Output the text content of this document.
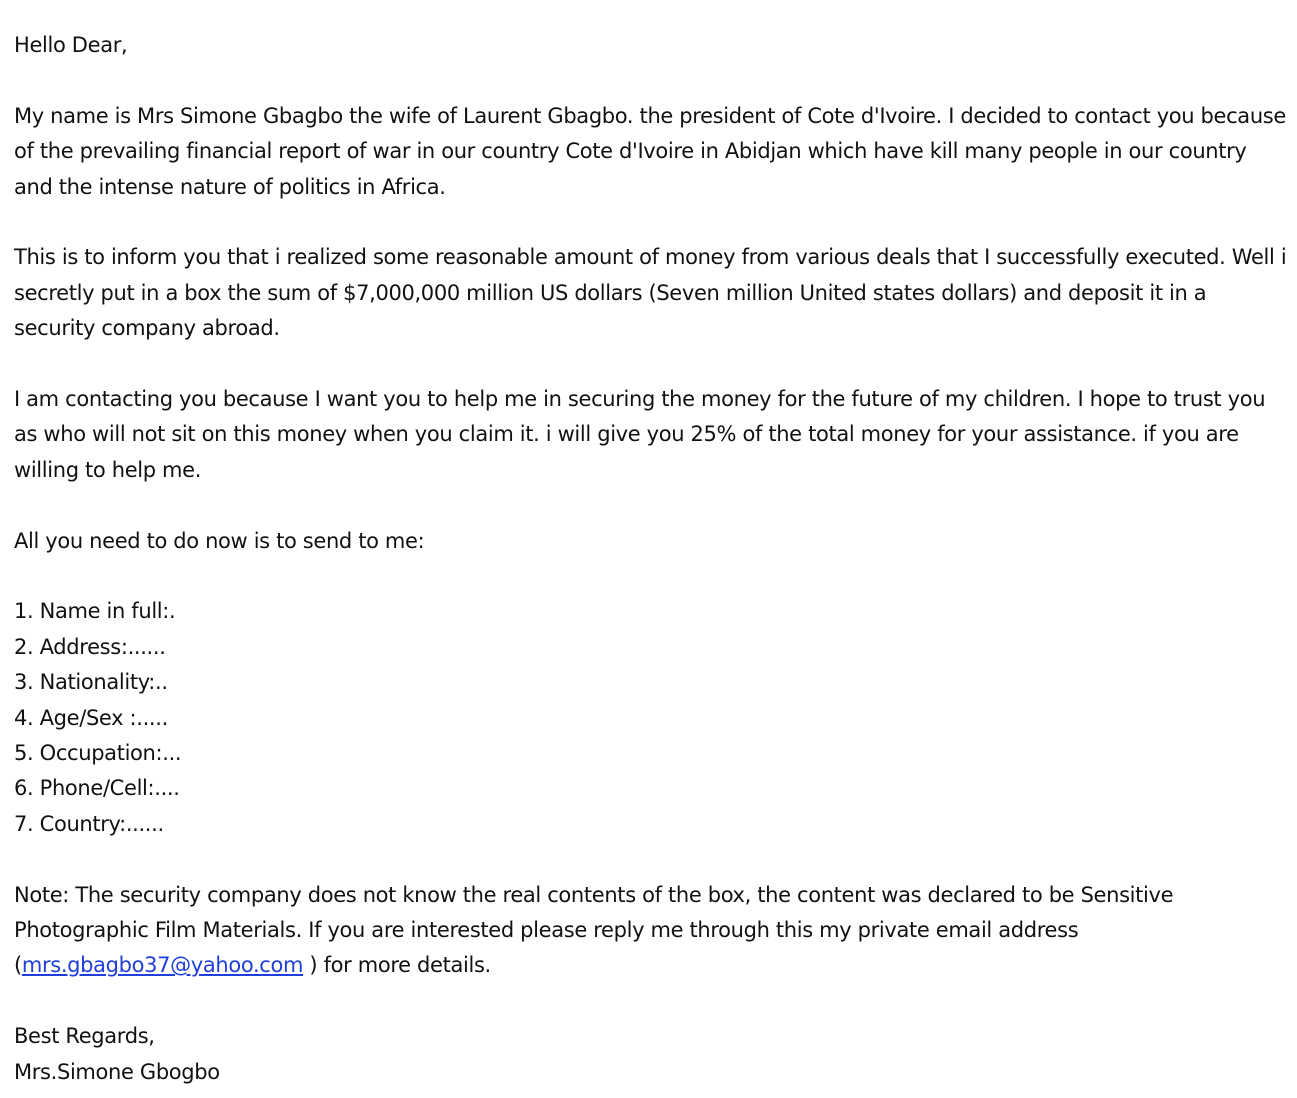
Hello Dear,

My name is Mrs Simone Gbagbo the wife of Laurent Gbagbo. the president of Cote d'Ivoire. I decided to contact you because of the prevailing financial report of war in our country Cote d'Ivoire in Abidjan which have kill many people in our country and the intense nature of politics in Africa.

This is to inform you that i realized some reasonable amount of money from various deals that I successfully executed. Well i secretly put in a box the sum of $7,000,000 million US dollars (Seven million United states dollars) and deposit it in a security company abroad.

I am contacting you because I want you to help me in securing the money for the future of my children. I hope to trust you as who will not sit on this money when you claim it. i will give you 25% of the total money for your assistance. if you are willing to help me.

All you need to do now is to send to me:

1. Name in full:.
2. Address:......
3. Nationality:..
4. Age/Sex :.....
5. Occupation:...
6. Phone/Cell:....
7. Country:......

Note: The security company does not know the real contents of the box, the content was declared to be Sensitive Photographic Film Materials. If you are interested please reply me through this my private email address (mrs.gbagbo37@yahoo.com ) for more details.

Best Regards,

Mrs.Simone Gbogbo
